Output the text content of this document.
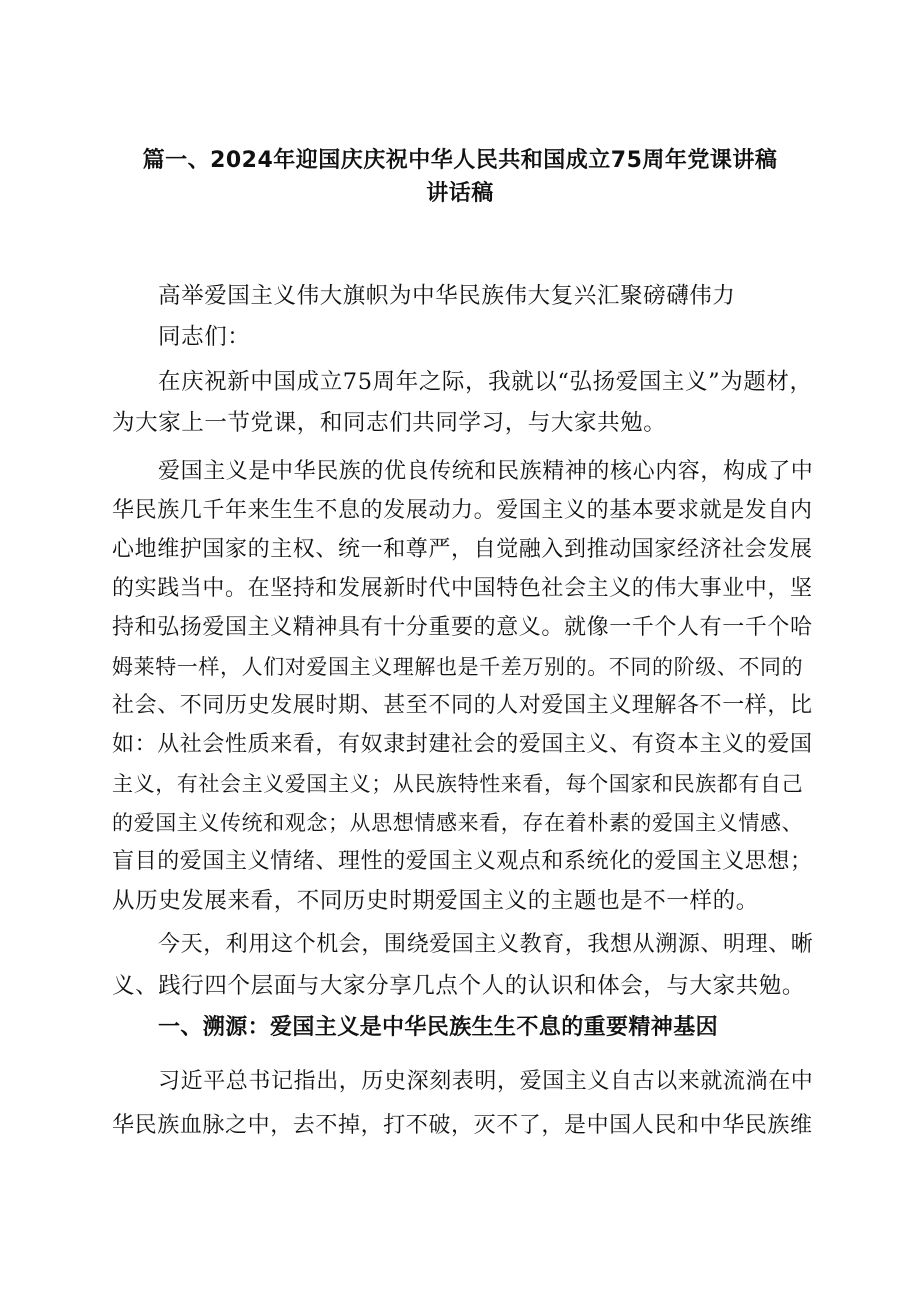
篇一、2024年迎国庆庆祝中华人民共和国成立75周年党课讲稿
讲话稿
高举爱国主义伟大旗帜为中华民族伟大复兴汇聚磅礴伟力
同志们：
在庆祝新中国成立75周年之际，我就以“弘扬爱国主义”为题材，
为大家上一节党课，和同志们共同学习，与大家共勉。
爱国主义是中华民族的优良传统和民族精神的核心内容，构成了中
华民族几千年来生生不息的发展动力。爱国主义的基本要求就是发自内
心地维护国家的主权、统一和尊严，自觉融入到推动国家经济社会发展
的实践当中。在坚持和发展新时代中国特色社会主义的伟大事业中，坚
持和弘扬爱国主义精神具有十分重要的意义。就像一千个人有一千个哈
姆莱特一样，人们对爱国主义理解也是千差万别的。不同的阶级、不同的
社会、不同历史发展时期、甚至不同的人对爱国主义理解各不一样，比
如：从社会性质来看，有奴隶封建社会的爱国主义、有资本主义的爱国
主义，有社会主义爱国主义；从民族特性来看，每个国家和民族都有自己
的爱国主义传统和观念；从思想情感来看，存在着朴素的爱国主义情感、
盲目的爱国主义情绪、理性的爱国主义观点和系统化的爱国主义思想；
从历史发展来看，不同历史时期爱国主义的主题也是不一样的。
今天，利用这个机会，围绕爱国主义教育，我想从溯源、明理、晰
义、践行四个层面与大家分享几点个人的认识和体会，与大家共勉。
一、溯源：爱国主义是中华民族生生不息的重要精神基因
习近平总书记指出，历史深刻表明，爱国主义自古以来就流淌在中
华民族血脉之中，去不掉，打不破，灭不了，是中国人民和中华民族维
